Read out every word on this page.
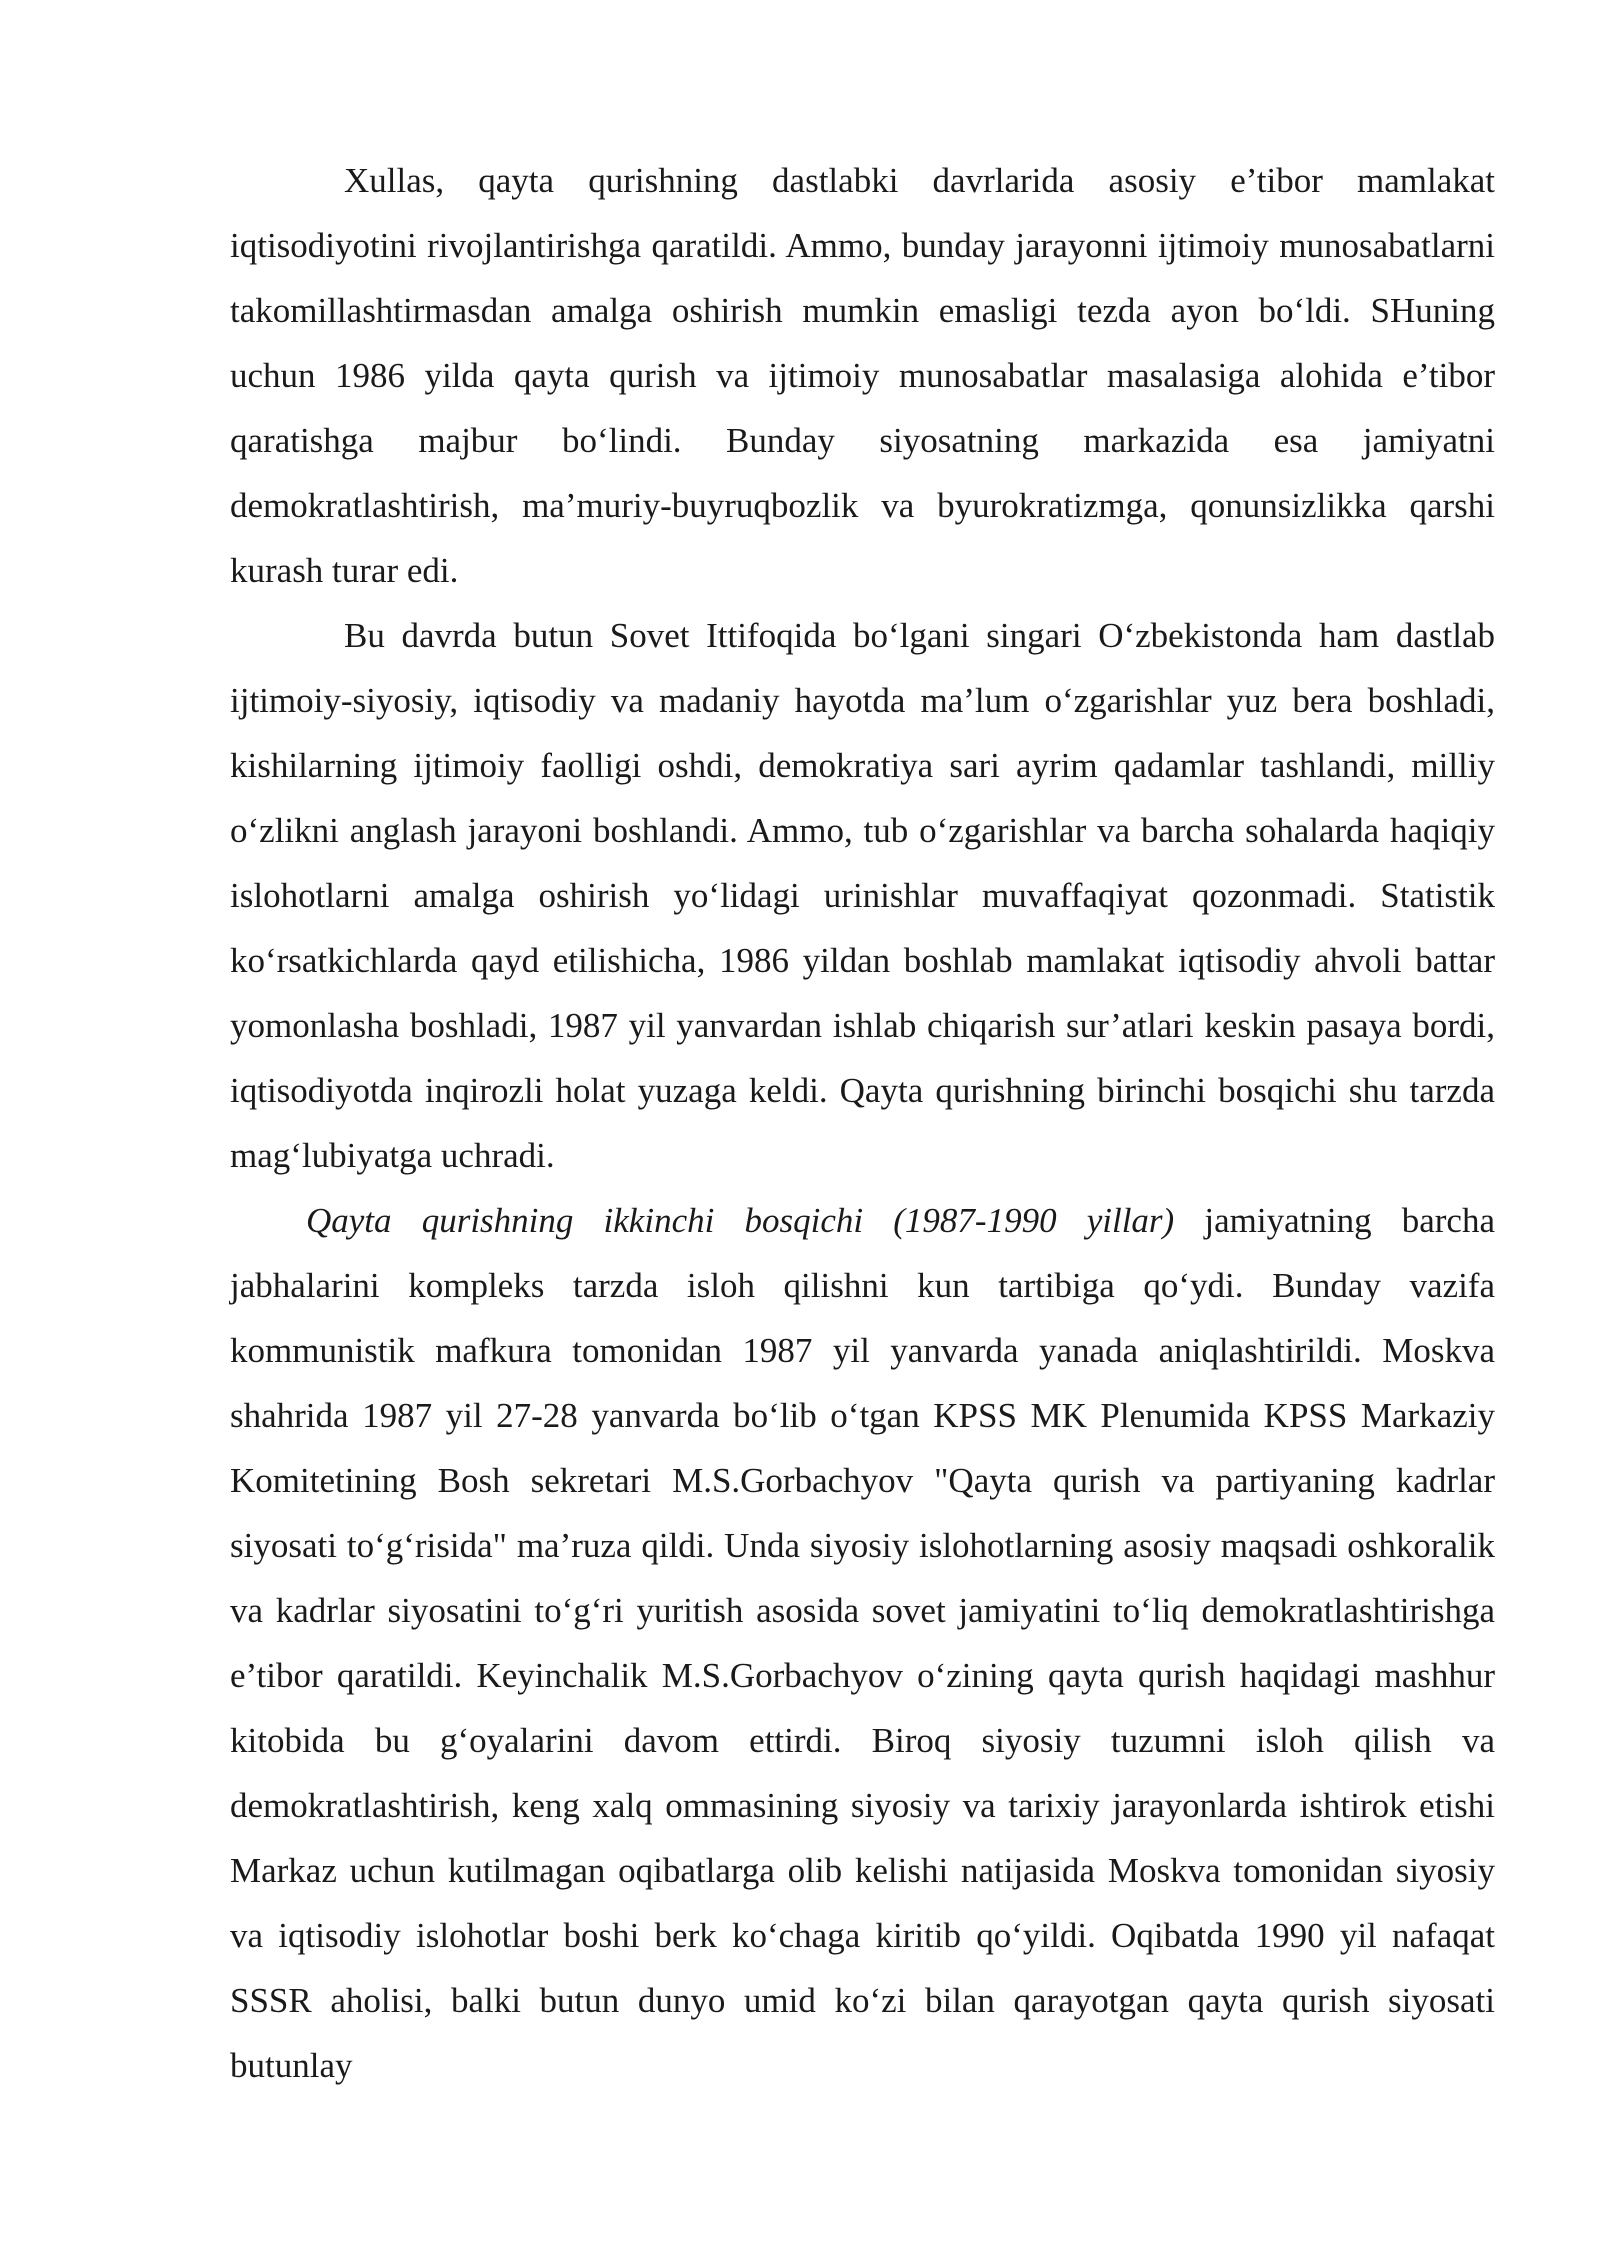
Xullas, qayta qurishning dastlabki davrlarida asosiy e’tibor mamlakat iqtisodiyotini rivojlantirishga qaratildi. Ammo, bunday jarayonni ijtimoiy munosabatlarni takomillashtirmasdan amalga oshirish mumkin emasligi tezda ayon bo‘ldi. SHuning uchun 1986 yilda qayta qurish va ijtimoiy munosabatlar masalasiga alohida e’tibor qaratishga majbur bo‘lindi. Bunday siyosatning markazida esa jamiyatni demokratlashtirish, ma’muriy-buyruqbozlik va byurokratizmga, qonunsizlikka qarshi kurash turar edi.

Bu davrda butun Sovet Ittifoqida bo‘lgani singari O‘zbekistonda ham dastlab ijtimoiy-siyosiy, iqtisodiy va madaniy hayotda ma’lum o‘zgarishlar yuz bera boshladi, kishilarning ijtimoiy faolligi oshdi, demokratiya sari ayrim qadamlar tashlandi, milliy o‘zlikni anglash jarayoni boshlandi. Ammo, tub o‘zgarishlar va barcha sohalarda haqiqiy islohotlarni amalga oshirish yo‘lidagi urinishlar muvaffaqiyat qozonmadi. Statistik ko‘rsatkichlarda qayd etilishicha, 1986 yildan boshlab mamlakat iqtisodiy ahvoli battar yomonlasha boshladi, 1987 yil yanvardan ishlab chiqarish sur’atlari keskin pasaya bordi, iqtisodiyotda inqirozli holat yuzaga keldi. Qayta qurishning birinchi bosqichi shu tarzda mag‘lubiyatga uchradi.

Qayta qurishning ikkinchi bosqichi (1987-1990 yillar) jamiyatning barcha jabhalarini kompleks tarzda isloh qilishni kun tartibiga qo‘ydi. Bunday vazifa kommunistik mafkura tomonidan 1987 yil yanvarda yanada aniqlashtirildi. Moskva shahrida 1987 yil 27-28 yanvarda bo‘lib o‘tgan KPSS MK Plenumida KPSS Markaziy Komitetining Bosh sekretari M.S.Gorbachyov "Qayta qurish va partiyaning kadrlar siyosati to‘g‘risida" ma’ruza qildi. Unda siyosiy islohotlarning asosiy maqsadi oshkoralik va kadrlar siyosatini to‘g‘ri yuritish asosida sovet jamiyatini to‘liq demokratlashtirishga e’tibor qaratildi. Keyinchalik M.S.Gorbachyov o‘zining qayta qurish haqidagi mashhur kitobida bu g‘oyalarini davom ettirdi. Biroq siyosiy tuzumni isloh qilish va demokratlashtirish, keng xalq ommasining siyosiy va tarixiy jarayonlarda ishtirok etishi Markaz uchun kutilmagan oqibatlarga olib kelishi natijasida Moskva tomonidan siyosiy va iqtisodiy islohotlar boshi berk ko‘chaga kiritib qo‘yildi. Oqibatda 1990 yil nafaqat SSSR aholisi, balki butun dunyo umid ko‘zi bilan qarayotgan qayta qurish siyosati butunlay
